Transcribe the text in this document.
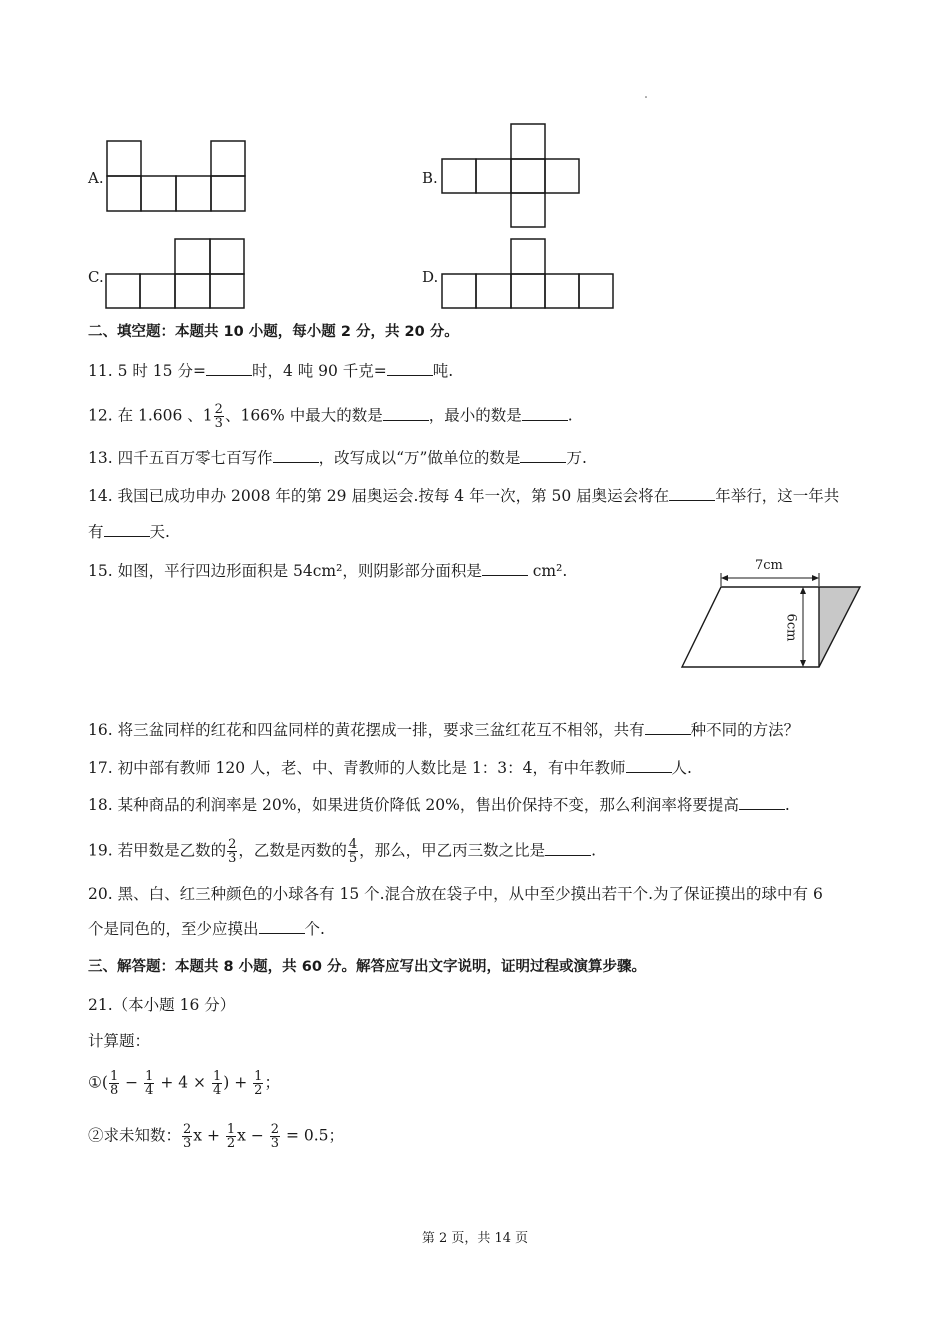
A.	B.
C.	D.
二、填空题：本题共 10 小题，每小题 2 分，共 20 分。
11. 5 时 15 分=	时，4 吨 90 千克=	吨.
12. 在 1.606 、$1 \frac{2}{3}$ 、166% 中最大的数是	，最小的数是	.
13. 四千五百万零七百写作	，改写成以“万”做单位的数是	万.
14. 我国已成功申办 2008 年的第 29 届奥运会.按每 4 年一次，第 50 届奥运会将在	年举行，这一年共
有	天.
15. 如图，平行四边形面积是 54cm²，则阴影部分面积是	cm².	7cm
6cm
16. 将三盆同样的红花和四盆同样的黄花摆成一排，要求三盆红花互不相邻，共有	种不同的方法？
17. 初中部有教师 120 人，老、中、青教师的人数比是 1：3：4，有中年教师	人.
18. 某种商品的利润率是 20%，如果进货价降低 20%，售出价保持不变，那么利润率将要提高	.
19. 若甲数是乙数的 $\frac{2}{3}$ ，乙数是丙数的 $\frac{4}{5}$ ，那么，甲乙丙三数之比是	.
20. 黑、白、红三种颜色的小球各有 15 个.混合放在袋子中，从中至少摸出若干个.为了保证摸出的球中有 6
个是同色的，至少应摸出	个.
三、解答题：本题共 8 小题，共 60 分。解答应写出文字说明，证明过程或演算步骤。
21.（本小题 16 分）
计算题：
①( $\frac{1}{8} - \frac{1}{4} + 4 \times \frac{1}{4}$ ) + $\frac{1}{2}$ ；
②求未知数： $\frac{2}{3}$ $x + \frac{1}{2}$ $x - \frac{2}{3} = 0.5$；
第 2 页，共 14 页
